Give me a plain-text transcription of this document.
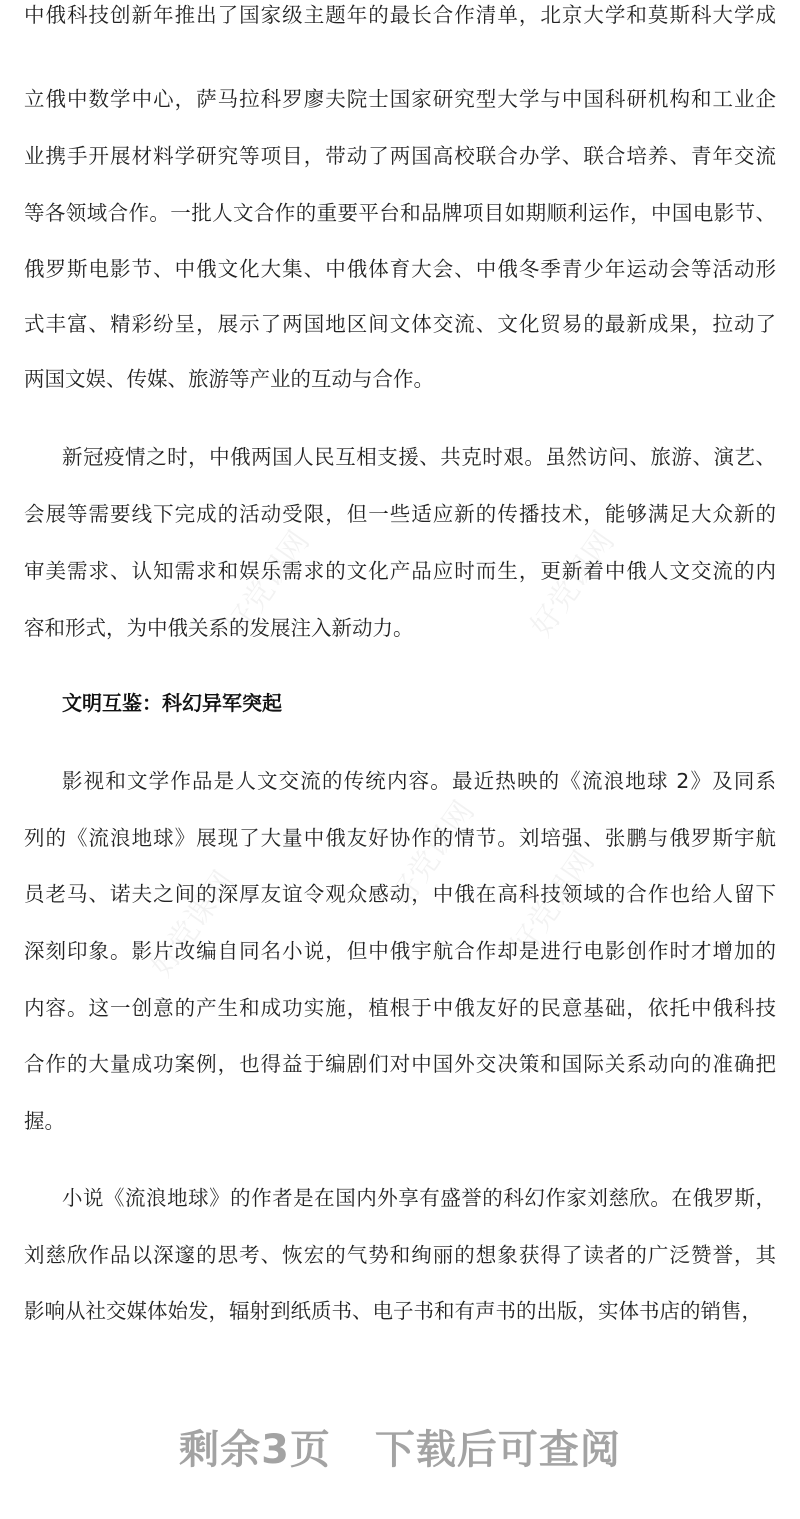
文明互鉴：科幻异军突起
剩余3页 下载后可查阅
好党课网	好党课网
好党课网
好党课网	好党课网
中俄科技创新年推出了国家级主题年的最长合作清单，北京大学和莫斯科大学成
立俄中数学中心，萨马拉科罗廖夫院士国家研究型大学与中国科研机构和工业企
业携手开展材料学研究等项目，带动了两国高校联合办学、联合培养、青年交流
等各领域合作。一批人文合作的重要平台和品牌项目如期顺利运作，中国电影节、
俄罗斯电影节、中俄文化大集、中俄体育大会、中俄冬季青少年运动会等活动形
式丰富、精彩纷呈，展示了两国地区间文体交流、文化贸易的最新成果，拉动了
两国文娱、传媒、旅游等产业的互动与合作。
新冠疫情之时，中俄两国人民互相支援、共克时艰。虽然访问、旅游、演艺、
会展等需要线下完成的活动受限，但一些适应新的传播技术，能够满足大众新的
审美需求、认知需求和娱乐需求的文化产品应时而生，更新着中俄人文交流的内
容和形式，为中俄关系的发展注入新动力。
影视和文学作品是人文交流的传统内容。最近热映的《流浪地球 2》及同系
列的《流浪地球》展现了大量中俄友好协作的情节。刘培强、张鹏与俄罗斯宇航
员老马、诺夫之间的深厚友谊令观众感动，中俄在高科技领域的合作也给人留下
深刻印象。影片改编自同名小说，但中俄宇航合作却是进行电影创作时才增加的
内容。这一创意的产生和成功实施，植根于中俄友好的民意基础，依托中俄科技
合作的大量成功案例，也得益于编剧们对中国外交决策和国际关系动向的准确把
握。
小说《流浪地球》的作者是在国内外享有盛誉的科幻作家刘慈欣。在俄罗斯，
刘慈欣作品以深邃的思考、恢宏的气势和绚丽的想象获得了读者的广泛赞誉，其
影响从社交媒体始发，辐射到纸质书、电子书和有声书的出版，实体书店的销售，
